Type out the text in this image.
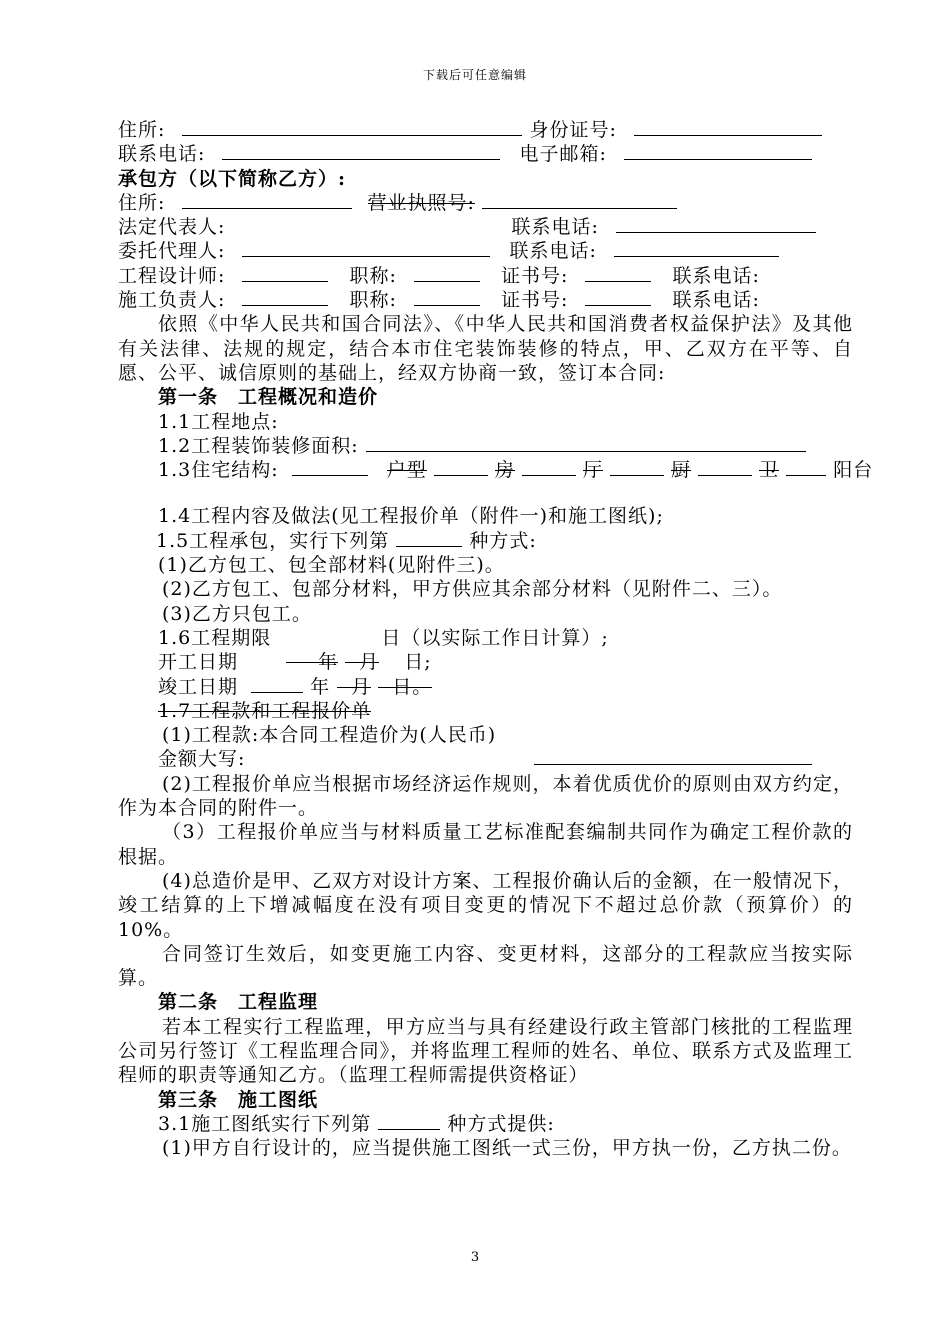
下载后可任意编辑
住所:	身份证号:
联系电话:	电子邮箱:
承包方（以下简称乙方）:
住所:	营业执照号:
法定代表人:	联系电话:
委托代理人:	联系电话:
工程设计师:	职称:	证书号:	联系电话:
施工负责人:	职称:	证书号:	联系电话:
依照《中华人民共和国合同法》、《中华人民共和国消费者权益保护法》及其他有关法律、法规的规定，结合本市住宅装饰装修的特点，甲、乙双方在平等、自愿、公平、诚信原则的基础上，经双方协商一致，签订本合同:
第一条　工程概况和造价
1.1工程地点:
1.2工程装饰装修面积:
1.3住宅结构:	户型	房	厅	厨	卫	阳台
1.4工程内容及做法(见工程报价单（附件一)和施工图纸);
1.5工程承包，实行下列第	种方式:
(1)乙方包工、包全部材料(见附件三)。
(2)乙方包工、包部分材料，甲方供应其余部分材料（见附件二、三）。
(3)乙方只包工。
1.6工程期限	日（以实际工作日计算）;
开工日期	年 月 日;
竣工日期	年 月 日。
1.7工程款和工程报价单
(1)工程款:本合同工程造价为(人民币)
金额大写:
(2)工程报价单应当根据市场经济运作规则，本着优质优价的原则由双方约定，作为本合同的附件一。
（3）工程报价单应当与材料质量工艺标准配套编制共同作为确定工程价款的根据。
(4)总造价是甲、乙双方对设计方案、工程报价确认后的金额，在一般情况下，竣工结算的上下增减幅度在没有项目变更的情况下不超过总价款（预算价）的10%。
合同签订生效后，如变更施工内容、变更材料，这部分的工程款应当按实际算。
第二条　工程监理
若本工程实行工程监理，甲方应当与具有经建设行政主管部门核批的工程监理公司另行签订《工程监理合同》，并将监理工程师的姓名、单位、联系方式及监理工程师的职责等通知乙方。（监理工程师需提供资格证）
第三条　施工图纸
3.1施工图纸实行下列第	种方式提供:
(1)甲方自行设计的，应当提供施工图纸一式三份，甲方执一份，乙方执二份。
3
